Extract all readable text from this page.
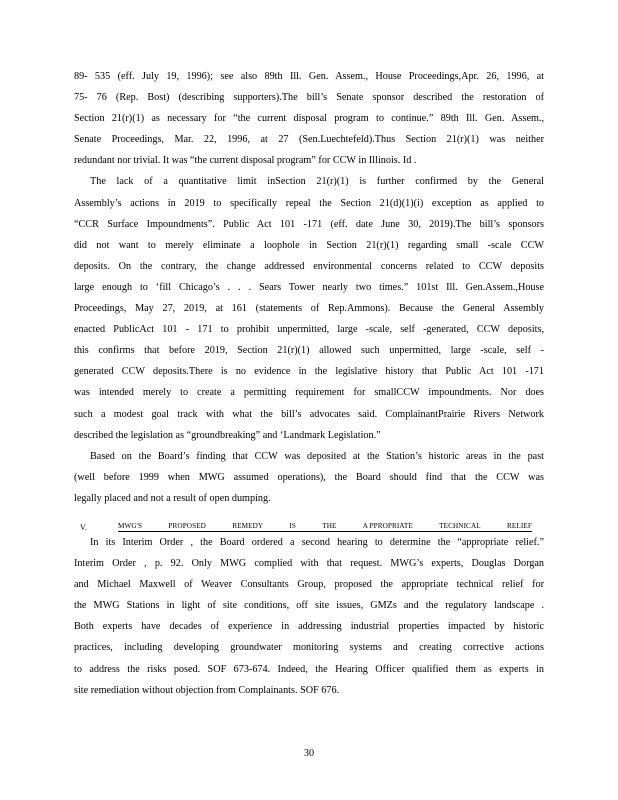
89- 535 (eff. July 19, 1996); see also 89th Ill. Gen. Assem., House Proceedings,Apr. 26, 1996, at
75- 76 (Rep. Bost) (describing supporters).The bill’s Senate sponsor described the restoration of
Section 21(r)(1) as necessary for “the current disposal program to continue.” 89th Ill. Gen. Assem.,
Senate Proceedings, Mar. 22, 1996, at 27 (Sen.Luechtefeld).Thus Section 21(r)(1) was neither
redundant nor trivial. It was “the current disposal program” for CCW in Illinois. Id .
The lack of a quantitative limit inSection 21(r)(1) is further confirmed by the General
Assembly’s actions in 2019 to specifically repeal the Section 21(d)(1)(i) exception as applied to
“CCR Surface Impoundments”. Public Act 101 -171 (eff. date June 30, 2019).The bill’s sponsors
did not want to merely eliminate a loophole in Section 21(r)(1) regarding small -scale CCW
deposits. On the contrary, the change addressed environmental concerns related to CCW deposits
large enough to ‘fill Chicago’s . . . Sears Tower nearly two times.” 101st Ill. Gen.Assem.,House
Proceedings, May 27, 2019, at 161 (statements of Rep.Ammons). Because the General Assembly
enacted PublicAct 101 - 171 to prohibit unpermitted, large -scale, self -generated, CCW deposits,
this confirms that before 2019, Section 21(r)(1) allowed such unpermitted, large -scale, self -
generated CCW deposits.There is no evidence in the legislative history that Public Act 101 -171
was intended merely to create a permitting requirement for smallCCW impoundments. Nor does
such a modest goal track with what the bill’s advocates said. ComplainantPrairie Rivers Network
described the legislation as “groundbreaking” and ‘Landmark Legislation.”
Based on the Board’s finding that CCW was deposited at the Station’s historic areas in the past
(well before 1999 when MWG assumed operations), the Board should find that the CCW was
legally placed and not a result of open dumping.
V.	MWG'S	PROPOSED	REMEDY	IS	THE	A PPROPRIATE	TECHNICAL	RELIEF
In its Interim Order , the Board ordered a second hearing to determine the “appropriate relief.”
Interim Order , p. 92. Only MWG complied with that request. MWG’s experts, Douglas Dorgan
and Michael Maxwell of Weaver Consultants Group, proposed the appropriate technical relief for
the MWG Stations in light of site conditions, off site issues, GMZs and the regulatory landscape .
Both experts have decades of experience in addressing industrial properties impacted by historic
practices, including developing groundwater monitoring systems and creating corrective actions
to address the risks posed. SOF 673-674. Indeed, the Hearing Officer qualified them as experts in
site remediation without objection from Complainants. SOF 676.
30
